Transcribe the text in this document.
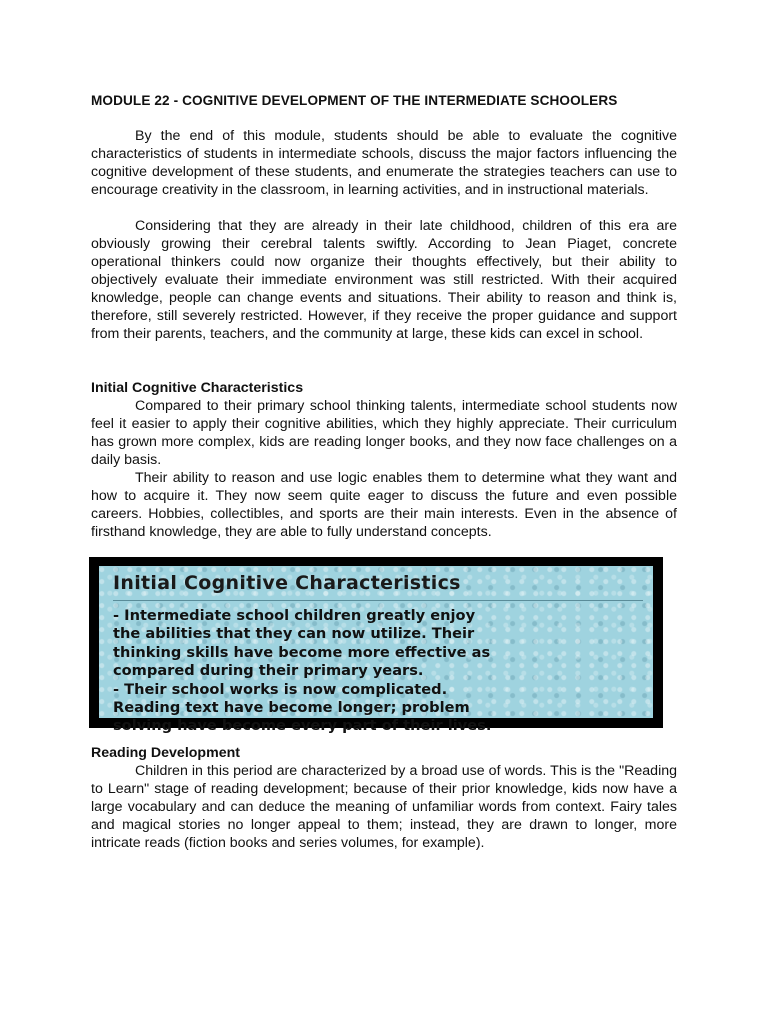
MODULE 22 - COGNITIVE DEVELOPMENT OF THE INTERMEDIATE SCHOOLERS

By the end of this module, students should be able to evaluate the cognitive characteristics of students in intermediate schools, discuss the major factors influencing the cognitive development of these students, and enumerate the strategies teachers can use to encourage creativity in the classroom, in learning activities, and in instructional materials.

Considering that they are already in their late childhood, children of this era are obviously growing their cerebral talents swiftly. According to Jean Piaget, concrete operational thinkers could now organize their thoughts effectively, but their ability to objectively evaluate their immediate environment was still restricted. With their acquired knowledge, people can change events and situations. Their ability to reason and think is, therefore, still severely restricted. However, if they receive the proper guidance and support from their parents, teachers, and the community at large, these kids can excel in school.

Initial Cognitive Characteristics

Compared to their primary school thinking talents, intermediate school students now feel it easier to apply their cognitive abilities, which they highly appreciate. Their curriculum has grown more complex, kids are reading longer books, and they now face challenges on a daily basis.

Their ability to reason and use logic enables them to determine what they want and how to acquire it. They now seem quite eager to discuss the future and even possible careers. Hobbies, collectibles, and sports are their main interests. Even in the absence of firsthand knowledge, they are able to fully understand concepts.

Initial Cognitive Characteristics
- Intermediate school children greatly enjoy
the abilities that they can now utilize. Their
thinking skills have become more effective as
compared during their primary years.
- Their school works is now complicated.
Reading text have become longer; problem
solving have become every part of their lives.

Reading Development

Children in this period are characterized by a broad use of words. This is the "Reading to Learn" stage of reading development; because of their prior knowledge, kids now have a large vocabulary and can deduce the meaning of unfamiliar words from context. Fairy tales and magical stories no longer appeal to them; instead, they are drawn to longer, more intricate reads (fiction books and series volumes, for example).
